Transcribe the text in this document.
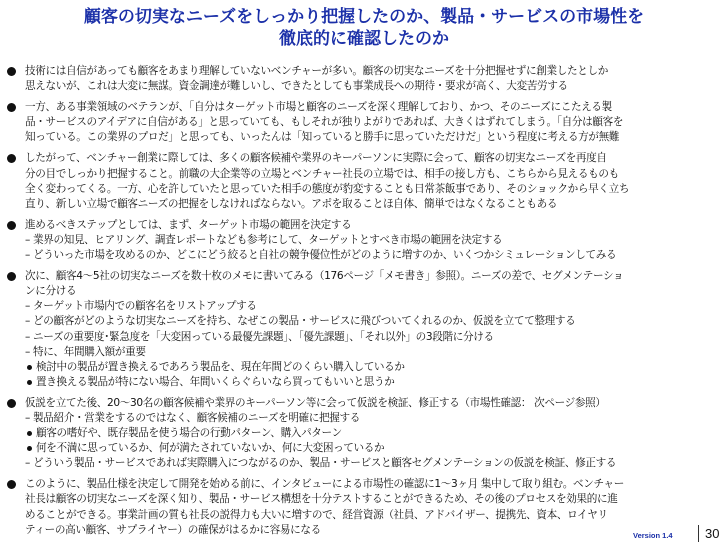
顧客の切実なニーズをしっかり把握したのか、製品・サービスの市場性を
徹底的に確認したのか
技術には自信があっても顧客をあまり理解していないベンチャーが多い。顧客の切実なニーズを十分把握せずに創業したとしか
思えないが、これは大変に無謀。資金調達が難しいし、できたとしても事業成長への期待・要求が高く、大変苦労する
一方、ある事業領域のベテランが、「自分はターゲット市場と顧客のニーズを深く理解しており、かつ、そのニーズにこたえる製
品・サービスのアイデアに自信がある」と思っていても、もしそれが独りよがりであれば、大きくはずれてしまう。「自分は顧客を
知っている。この業界のプロだ」と思っても、いったんは「知っていると勝手に思っていただけだ」という程度に考える方が無難
したがって、ベンチャー創業に際しては、多くの顧客候補や業界のキーパーソンに実際に会って、顧客の切実なニーズを再度自
分の目でしっかり把握すること。前職の大企業等の立場とベンチャー社長の立場では、相手の接し方も、こちらから見えるものも
全く変わってくる。一方、心を許していたと思っていた相手の態度が豹変することも日常茶飯事であり、そのショックから早く立ち
直り、新しい立場で顧客ニーズの把握をしなければならない。アポを取ることほ自体、簡単ではなくなることもある
進めるべきステップとしては、まず、ターゲット市場の範囲を決定する
– 業界の知見、ヒアリング、調査レポートなども参考にして、ターゲットとすべき市場の範囲を決定する
– どういった市場を攻めるのか、どこにどう絞ると自社の競争優位性がどのように増すのか、いくつかシミュレーションしてみる
次に、顧客4～5社の切実なニーズを数十枚のメモに書いてみる（176ページ「メモ書き」参照）。ニーズの差で、セグメンテーショ
ンに分ける
– ターゲット市場内での顧客名をリストアップする
– どの顧客がどのような切実なニーズを持ち、なぜこの製品・サービスに飛びついてくれるのか、仮説を立てて整理する
– ニーズの重要度･緊急度を「大変困っている最優先課題」、「優先課題」、「それ以外」の3段階に分ける
– 特に、年間購入額が重要
検討中の製品が置き換えるであろう製品を、現在年間どのくらい購入しているか
置き換える製品が特にない場合、年間いくらぐらいなら買ってもいいと思うか
仮説を立てた後、20～30名の顧客候補や業界のキーパーソン等に会って仮説を検証、修正する（市場性確認： 次ページ参照）
– 製品紹介・営業をするのではなく、顧客候補のニーズを明確に把握する
顧客の嗜好や、既存製品を使う場合の行動パターン、購入パターン
何を不満に思っているか、何が満たされていないか、何に大変困っているか
– どういう製品・サービスであれば実際購入につながるのか、製品・サービスと顧客セグメンテーションの仮説を検証、修正する
このように、製品仕様を決定して開発を始める前に、インタビューによる市場性の確認に1～3ヶ月 集中して取り組む。ベンチャー
社長は顧客の切実なニーズを深く知り、製品・サービス構想を十分テストすることができるため、その後のプロセスを効果的に進
めることができる。事業計画の質も社長の説得力も大いに増すので、経営資源（社員、アドバイザー、提携先、資本、ロイヤリ
ティーの高い顧客、サプライヤー）の確保がはるかに容易になる	Version 1.4 30
